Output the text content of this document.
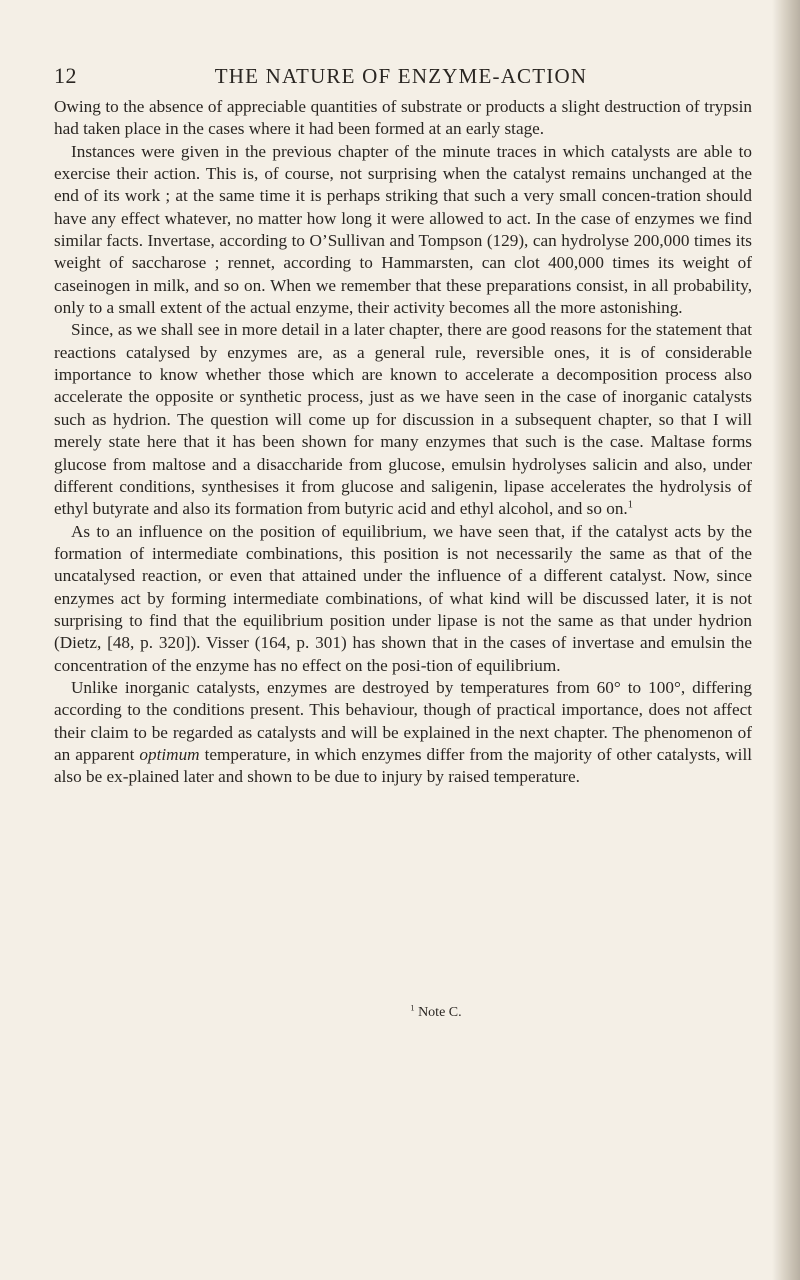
12	THE NATURE OF ENZYME-ACTION

Owing to the absence of appreciable quantities of substrate or products a slight destruction of trypsin had taken place in the cases where it had been formed at an early stage.

Instances were given in the previous chapter of the minute traces in which catalysts are able to exercise their action. This is, of course, not surprising when the catalyst remains unchanged at the end of its work ; at the same time it is perhaps striking that such a very small concen-tration should have any effect whatever, no matter how long it were allowed to act. In the case of enzymes we find similar facts. Invertase, according to O’Sullivan and Tompson (129), can hydrolyse 200,000 times its weight of saccharose ; rennet, according to Hammarsten, can clot 400,000 times its weight of caseinogen in milk, and so on. When we remember that these preparations consist, in all probability, only to a small extent of the actual enzyme, their activity becomes all the more astonishing.

Since, as we shall see in more detail in a later chapter, there are good reasons for the statement that reactions catalysed by enzymes are, as a general rule, reversible ones, it is of considerable importance to know whether those which are known to accelerate a decomposition process also accelerate the opposite or synthetic process, just as we have seen in the case of inorganic catalysts such as hydrion. The question will come up for discussion in a subsequent chapter, so that I will merely state here that it has been shown for many enzymes that such is the case. Maltase forms glucose from maltose and a disaccharide from glucose, emulsin hydrolyses salicin and also, under different conditions, synthesises it from glucose and saligenin, lipase accelerates the hydrolysis of ethyl butyrate and also its formation from butyric acid and ethyl alcohol, and so on.$^1$

As to an influence on the position of equilibrium, we have seen that, if the catalyst acts by the formation of intermediate combinations, this position is not necessarily the same as that of the uncatalysed reaction, or even that attained under the influence of a different catalyst. Now, since enzymes act by forming intermediate combinations, of what kind will be discussed later, it is not surprising to find that the equilibrium position under lipase is not the same as that under hydrion (Dietz, [48, p. 320]). Visser (164, p. 301) has shown that in the cases of invertase and emulsin the concentration of the enzyme has no effect on the posi-tion of equilibrium.

Unlike inorganic catalysts, enzymes are destroyed by temperatures from 60° to 100°, differing according to the conditions present. This behaviour, though of practical importance, does not affect their claim to be regarded as catalysts and will be explained in the next chapter. The phenomenon of an apparent optimum temperature, in which enzymes differ from the majority of other catalysts, will also be ex-plained later and shown to be due to injury by raised temperature.

$^1$ Note C.
